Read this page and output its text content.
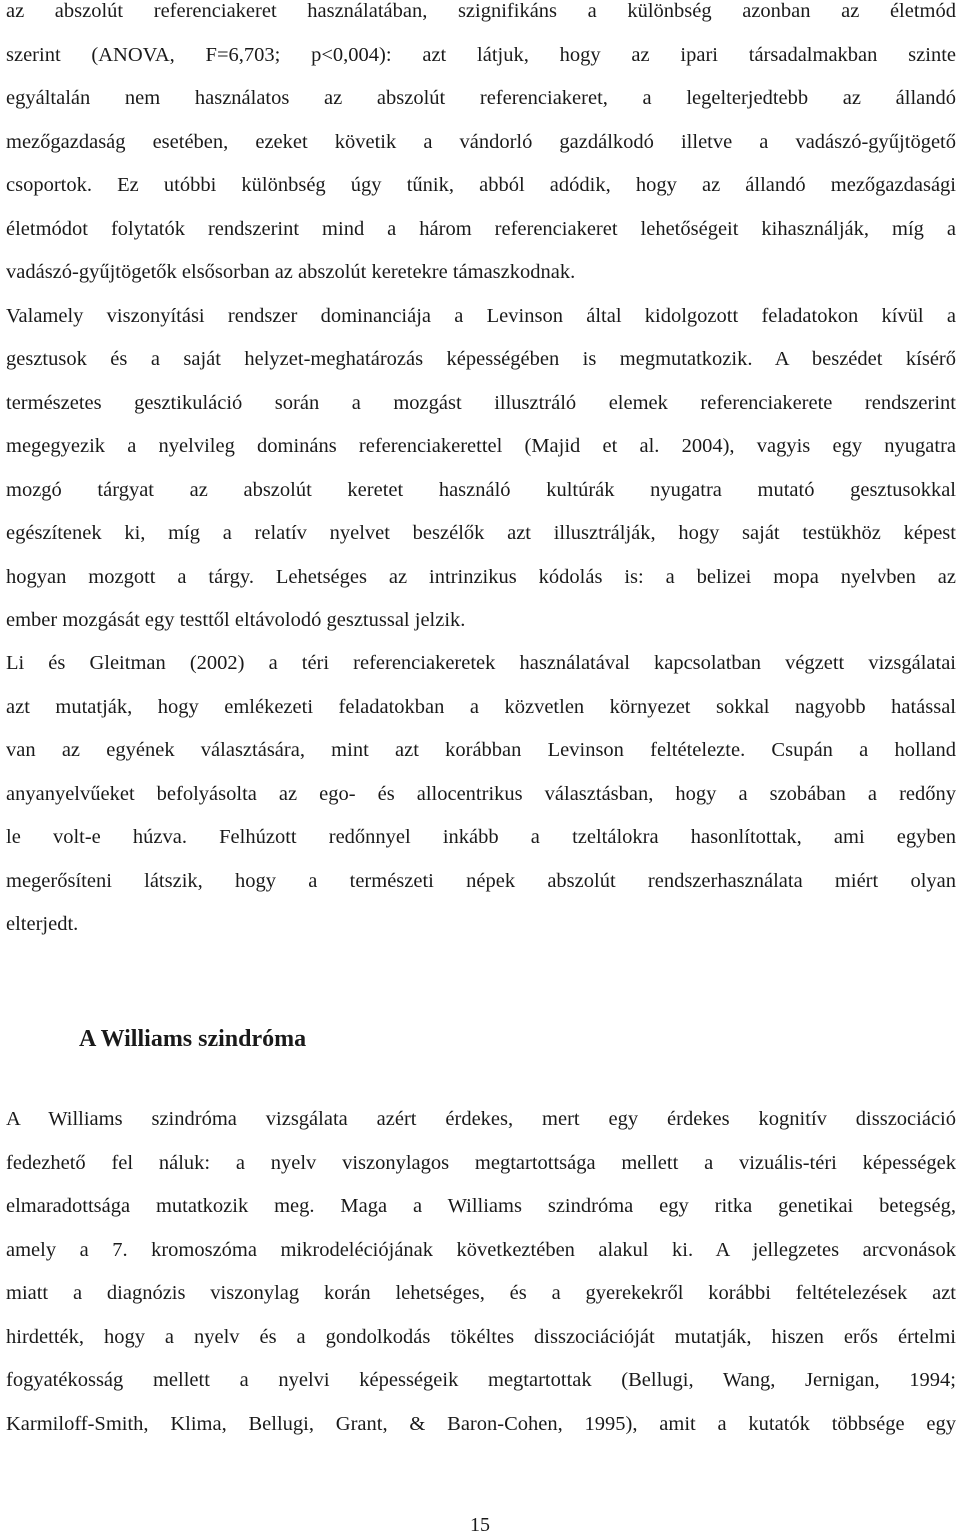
az abszolút referenciakeret használatában, szignifikáns a különbség azonban az életmód
szerint (ANOVA, F=6,703; p<0,004): azt látjuk, hogy az ipari társadalmakban szinte
egyáltalán nem használatos az abszolút referenciakeret, a legelterjedtebb az állandó
mezőgazdaság esetében, ezeket követik a vándorló gazdálkodó illetve a vadászó-gyűjtögető
csoportok. Ez utóbbi különbség úgy tűnik, abból adódik, hogy az állandó mezőgazdasági
életmódot folytatók rendszerint mind a három referenciakeret lehetőségeit kihasználják, míg a
vadászó-gyűjtögetők elsősorban az abszolút keretekre támaszkodnak.
Valamely viszonyítási rendszer dominanciája a Levinson által kidolgozott feladatokon kívül a
gesztusok és a saját helyzet-meghatározás képességében is megmutatkozik. A beszédet kísérő
természetes gesztikuláció során a mozgást illusztráló elemek referenciakerete rendszerint
megegyezik a nyelvileg domináns referenciakerettel (Majid et al. 2004), vagyis egy nyugatra
mozgó tárgyat az abszolút keretet használó kultúrák nyugatra mutató gesztusokkal
egészítenek ki, míg a relatív nyelvet beszélők azt illusztrálják, hogy saját testükhöz képest
hogyan mozgott a tárgy. Lehetséges az intrinzikus kódolás is: a belizei mopa nyelvben az
ember mozgását egy testtől eltávolodó gesztussal jelzik.
Li és Gleitman (2002) a téri referenciakeretek használatával kapcsolatban végzett vizsgálatai
azt mutatják, hogy emlékezeti feladatokban a közvetlen környezet sokkal nagyobb hatással
van az egyének választására, mint azt korábban Levinson feltételezte. Csupán a holland
anyanyelvűeket befolyásolta az ego- és allocentrikus választásban, hogy a szobában a redőny
le volt-e húzva. Felhúzott redőnnyel inkább a tzeltálokra hasonlítottak, ami egyben
megerősíteni látszik, hogy a természeti népek abszolút rendszerhasználata miért olyan
elterjedt.
A Williams szindróma
A Williams szindróma vizsgálata azért érdekes, mert egy érdekes kognitív disszociáció
fedezhető fel náluk: a nyelv viszonylagos megtartottsága mellett a vizuális-téri képességek
elmaradottsága mutatkozik meg. Maga a Williams szindróma egy ritka genetikai betegség,
amely a 7. kromoszóma mikrodeléciójának következtében alakul ki. A jellegzetes arcvonások
miatt a diagnózis viszonylag korán lehetséges, és a gyerekekről korábbi feltételezések azt
hirdették, hogy a nyelv és a gondolkodás tökéltes disszociációját mutatják, hiszen erős értelmi
fogyatékosság mellett a nyelvi képességeik megtartottak (Bellugi, Wang, Jernigan, 1994;
Karmiloff-Smith, Klima, Bellugi, Grant, & Baron-Cohen, 1995), amit a kutatók többsége egy
15
